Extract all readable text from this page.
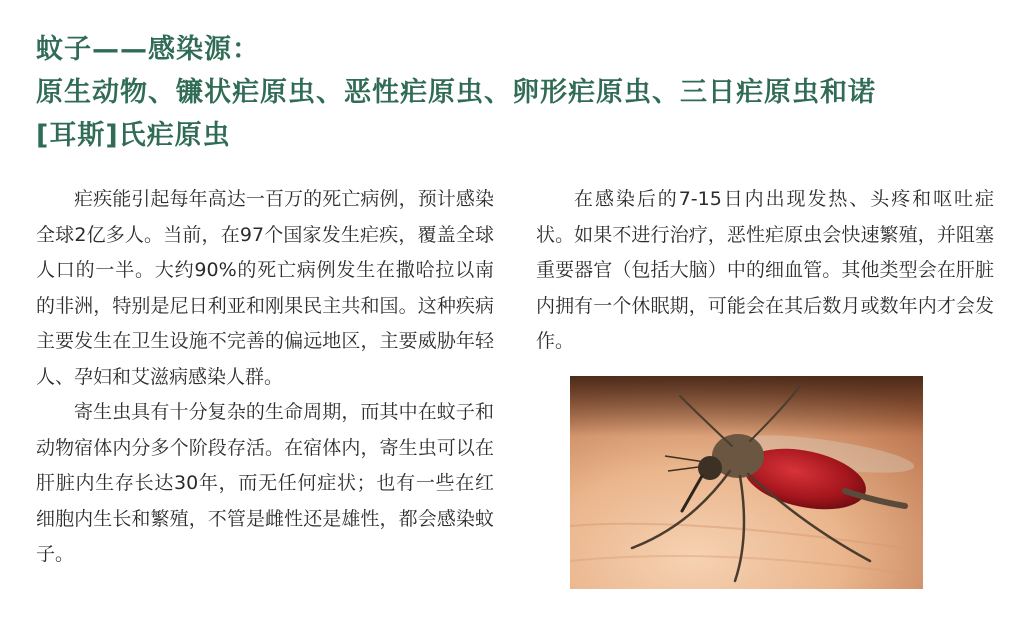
蚊子——感染源：
原生动物、镰状疟原虫、恶性疟原虫、卵形疟原虫、三日疟原虫和诺
[耳斯]氏疟原虫

疟疾能引起每年高达一百万的死亡病例，预计感染全球2亿多人。当前，在97个国家发生疟疾，覆盖全球人口的一半。大约90%的死亡病例发生在撒哈拉以南的非洲，特别是尼日利亚和刚果民主共和国。这种疾病主要发生在卫生设施不完善的偏远地区，主要威胁年轻人、孕妇和艾滋病感染人群。

寄生虫具有十分复杂的生命周期，而其中在蚊子和动物宿体内分多个阶段存活。在宿体内，寄生虫可以在肝脏内生存长达30年，而无任何症状；也有一些在红细胞内生长和繁殖，不管是雌性还是雄性，都会感染蚊子。

在感染后的7-15日内出现发热、头疼和呕吐症状。如果不进行治疗，恶性疟原虫会快速繁殖，并阻塞重要器官（包括大脑）中的细血管。其他类型会在肝脏内拥有一个休眠期，可能会在其后数月或数年内才会发作。
